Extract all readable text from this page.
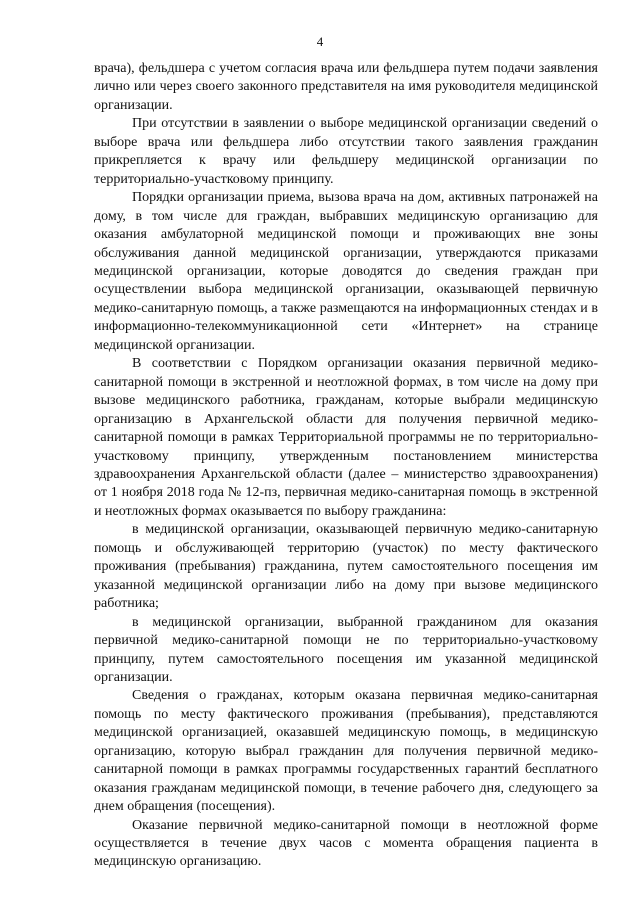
4

врача), фельдшера с учетом согласия врача или фельдшера путем подачи заявления лично или через своего законного представителя на имя руководителя медицинской организации.

При отсутствии в заявлении о выборе медицинской организации сведений о выборе врача или фельдшера либо отсутствии такого заявления гражданин прикрепляется к врачу или фельдшеру медицинской организации по территориально-участковому принципу.

Порядки организации приема, вызова врача на дом, активных патронажей на дому, в том числе для граждан, выбравших медицинскую организацию для оказания амбулаторной медицинской помощи и проживающих вне зоны обслуживания данной медицинской организации, утверждаются приказами медицинской организации, которые доводятся до сведения граждан при осуществлении выбора медицинской организации, оказывающей первичную медико-санитарную помощь, а также размещаются на информационных стендах и в информационно-телекоммуникационной сети «Интернет» на странице медицинской организации.

В соответствии с Порядком организации оказания первичной медико-санитарной помощи в экстренной и неотложной формах, в том числе на дому при вызове медицинского работника, гражданам, которые выбрали медицинскую организацию в Архангельской области для получения первичной медико-санитарной помощи в рамках Территориальной программы не по территориально-участковому принципу, утвержденным постановлением министерства здравоохранения Архангельской области (далее – министерство здравоохранения) от 1 ноября 2018 года № 12-пз, первичная медико-санитарная помощь в экстренной и неотложных формах оказывается по выбору гражданина:

в медицинской организации, оказывающей первичную медико-санитарную помощь и обслуживающей территорию (участок) по месту фактического проживания (пребывания) гражданина, путем самостоятельного посещения им указанной медицинской организации либо на дому при вызове медицинского работника;

в медицинской организации, выбранной гражданином для оказания первичной медико-санитарной помощи не по территориально-участковому принципу, путем самостоятельного посещения им указанной медицинской организации.

Сведения о гражданах, которым оказана первичная медико-санитарная помощь по месту фактического проживания (пребывания), представляются медицинской организацией, оказавшей медицинскую помощь, в медицинскую организацию, которую выбрал гражданин для получения первичной медико-санитарной помощи в рамках программы государственных гарантий бесплатного оказания гражданам медицинской помощи, в течение рабочего дня, следующего за днем обращения (посещения).

Оказание первичной медико-санитарной помощи в неотложной форме осуществляется в течение двух часов с момента обращения пациента в медицинскую организацию.
